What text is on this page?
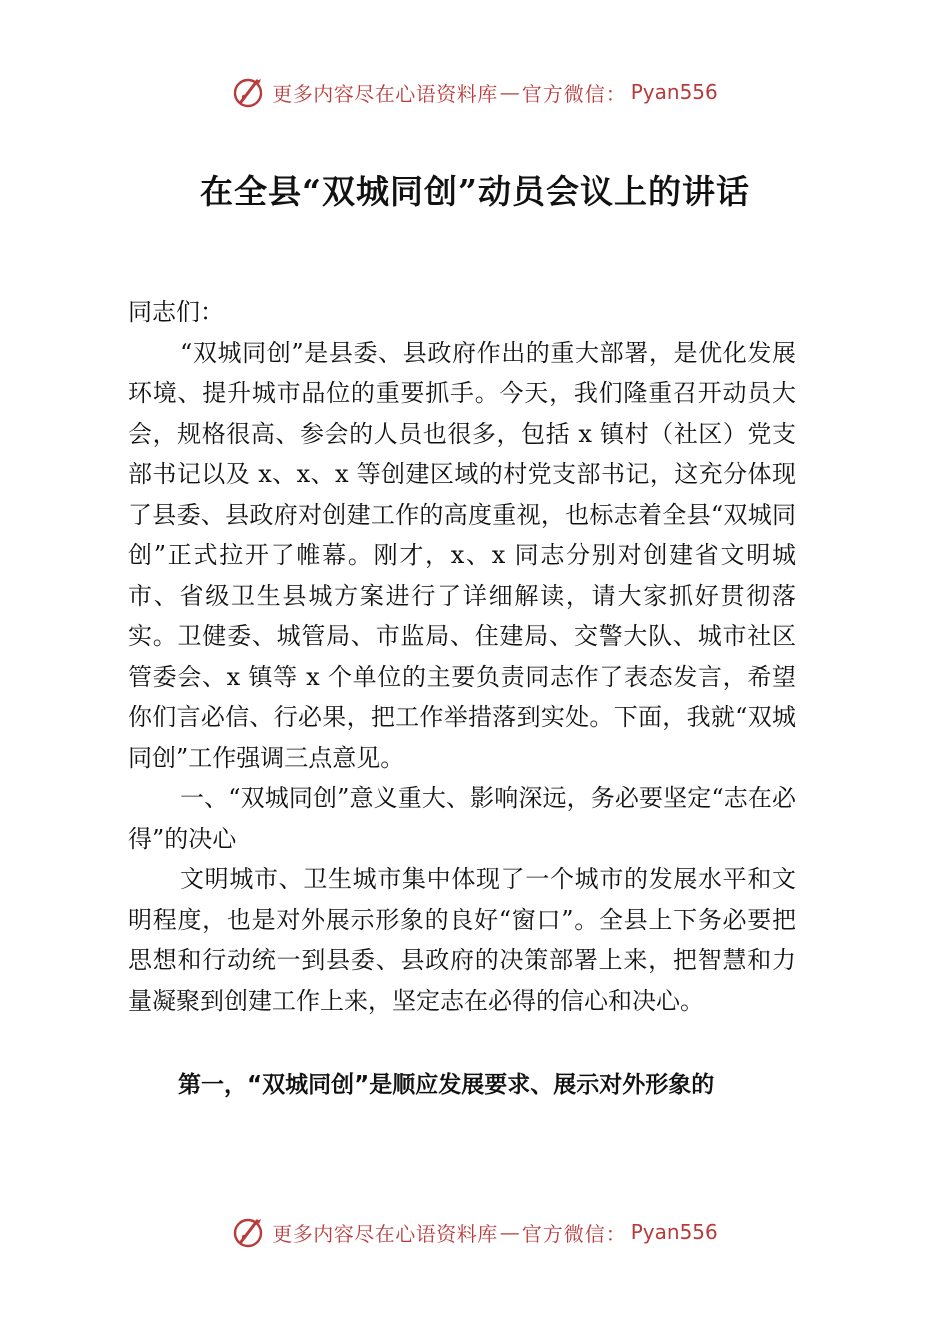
更多内容尽在心语资料库 — 官方微信： Pyan556
在全县“双城同创”动员会议上的讲话

同志们：

“双城同创”是县委、县政府作出的重大部署，是优化发展环境、提升城市品位的重要抓手。今天，我们隆重召开动员大会，规格很高、参会的人员也很多，包括 x 镇村（社区）党支部书记以及 x、x、x 等创建区域的村党支部书记，这充分体现了县委、县政府对创建工作的高度重视，也标志着全县“双城同创”正式拉开了帷幕。刚才，x、x 同志分别对创建省文明城市、省级卫生县城方案进行了详细解读，请大家抓好贯彻落实。卫健委、城管局、市监局、住建局、交警大队、城市社区管委会、x 镇等 x 个单位的主要负责同志作了表态发言，希望你们言必信、行必果，把工作举措落到实处。下面，我就“双城同创”工作强调三点意见。

一、“双城同创”意义重大、影响深远，务必要坚定“志在必得”的决心

文明城市、卫生城市集中体现了一个城市的发展水平和文明程度，也是对外展示形象的良好“窗口”。全县上下务必要把思想和行动统一到县委、县政府的决策部署上来，把智慧和力量凝聚到创建工作上来，坚定志在必得的信心和决心。

第一，“双城同创”是顺应发展要求、展示对外形象的
更多内容尽在心语资料库 — 官方微信： Pyan556
